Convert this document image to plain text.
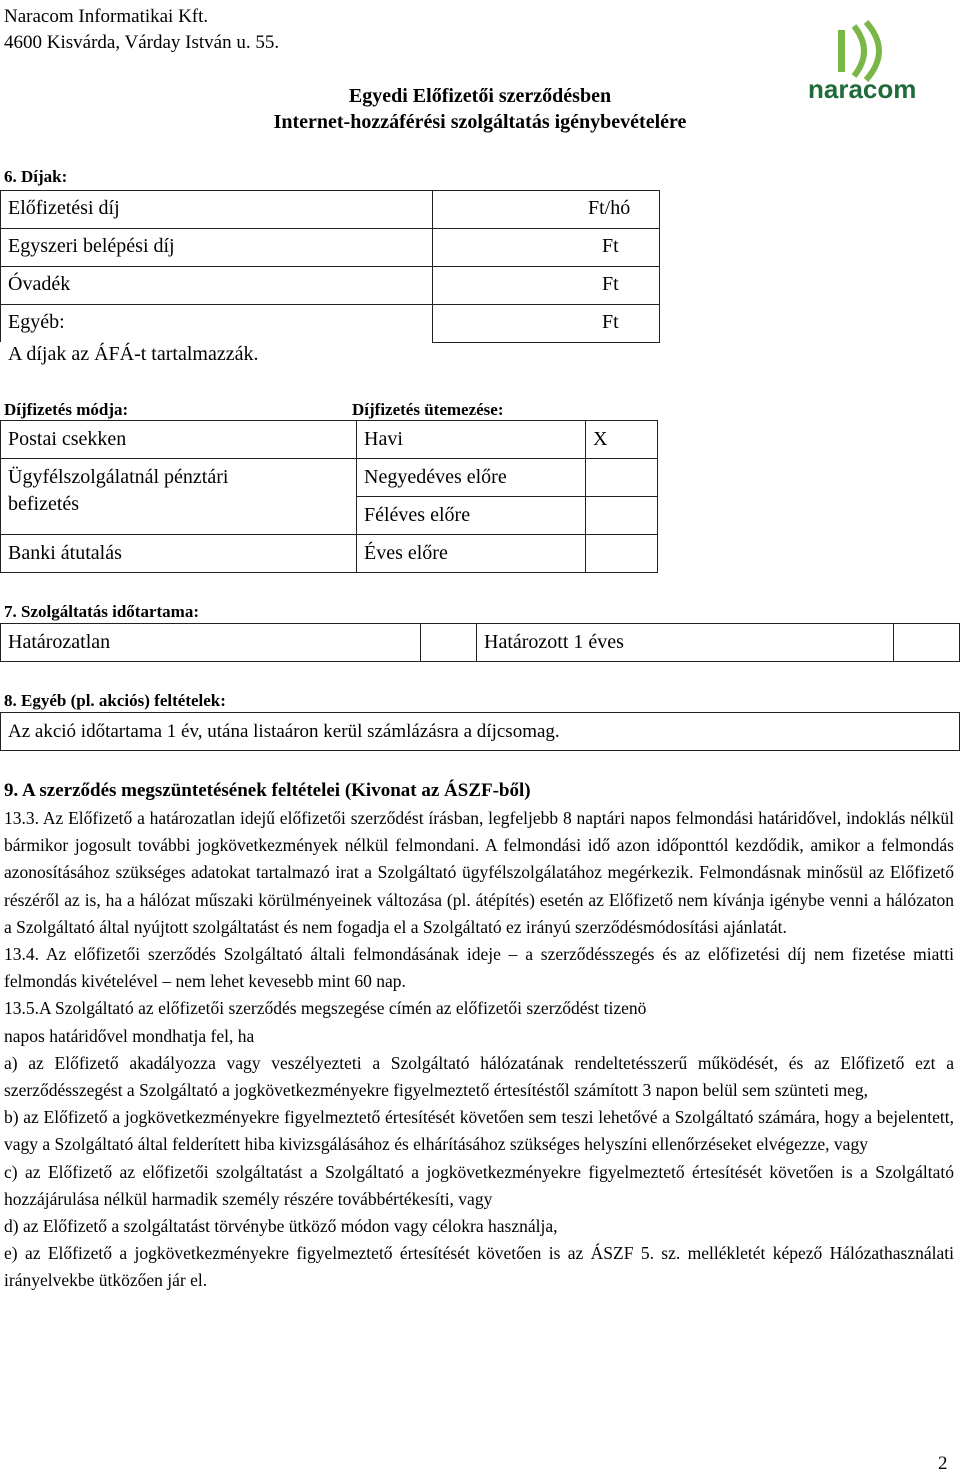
Naracom Informatikai Kft.
4600 Kisvárda, Várday István u. 55.
Egyedi Előfizetői szerződésben
Internet-hozzáférési szolgáltatás igénybevételére
naracom
6. Díjak:
Előfizetési díj
Egyszeri belépési díj
Óvadék
Egyéb:
Ft/hó
Ft
Ft
Ft
A díjak az ÁFÁ-t tartalmazzák.
Díjfizetés módja:	Díjfizetés ütemezése:
Postai csekken
Ügyfélszolgálatnál pénztári
befizetés
Banki átutalás
Havi
Negyedéves előre
Féléves előre
Éves előre
X
7. Szolgáltatás időtartama:
Határozatlan	Határozott 1 éves
8. Egyéb (pl. akciós) feltételek:
Az akció időtartama 1 év, utána listaáron kerül számlázásra a díjcsomag.
9. A szerződés megszüntetésének feltételei (Kivonat az ÁSZF-ből)

13.3. Az Előfizető a határozatlan idejű előfizetői szerződést írásban, legfeljebb 8 naptári napos felmondási határidővel, indoklás nélkül bármikor jogosult további jogkövetkezmények nélkül felmondani. A felmondási idő azon időponttól kezdődik, amikor a felmondás azonosításához szükséges adatokat tartalmazó irat a Szolgáltató ügyfélszolgálatához megérkezik. Felmondásnak minősül az Előfizető részéről az is, ha a hálózat műszaki körülményeinek változása (pl. átépítés) esetén az Előfizető nem kívánja igénybe venni a hálózaton a Szolgáltató által nyújtott szolgáltatást és nem fogadja el a Szolgáltató ez irányú szerződésmódosítási ajánlatát.

13.4. Az előfizetői szerződés Szolgáltató általi felmondásának ideje – a szerződésszegés és az előfizetési díj nem fizetése miatti felmondás kivételével – nem lehet kevesebb mint 60 nap.

13.5.A Szolgáltató az előfizetői szerződés megszegése címén az előfizetői szerződést tizenö

napos határidővel mondhatja fel, ha

a) az Előfizető akadályozza vagy veszélyezteti a Szolgáltató hálózatának rendeltetésszerű működését, és az Előfizető ezt a szerződésszegést a Szolgáltató a jogkövetkezményekre figyelmeztető értesítéstől számított 3 napon belül sem szünteti meg,

b) az Előfizető a jogkövetkezményekre figyelmeztető értesítését követően sem teszi lehetővé a Szolgáltató számára, hogy a bejelentett, vagy a Szolgáltató által felderített hiba kivizsgálásához és elhárításához szükséges helyszíni ellenőrzéseket elvégezze, vagy

c) az Előfizető az előfizetői szolgáltatást a Szolgáltató a jogkövetkezményekre figyelmeztető értesítését követően is a Szolgáltató hozzájárulása nélkül harmadik személy részére továbbértékesíti, vagy

d) az Előfizető a szolgáltatást törvénybe ütköző módon vagy célokra használja,

e) az Előfizető a jogkövetkezményekre figyelmeztető értesítését követően is az ÁSZF 5. sz. mellékletét képező Hálózathasználati irányelvekbe ütközően jár el.

2
